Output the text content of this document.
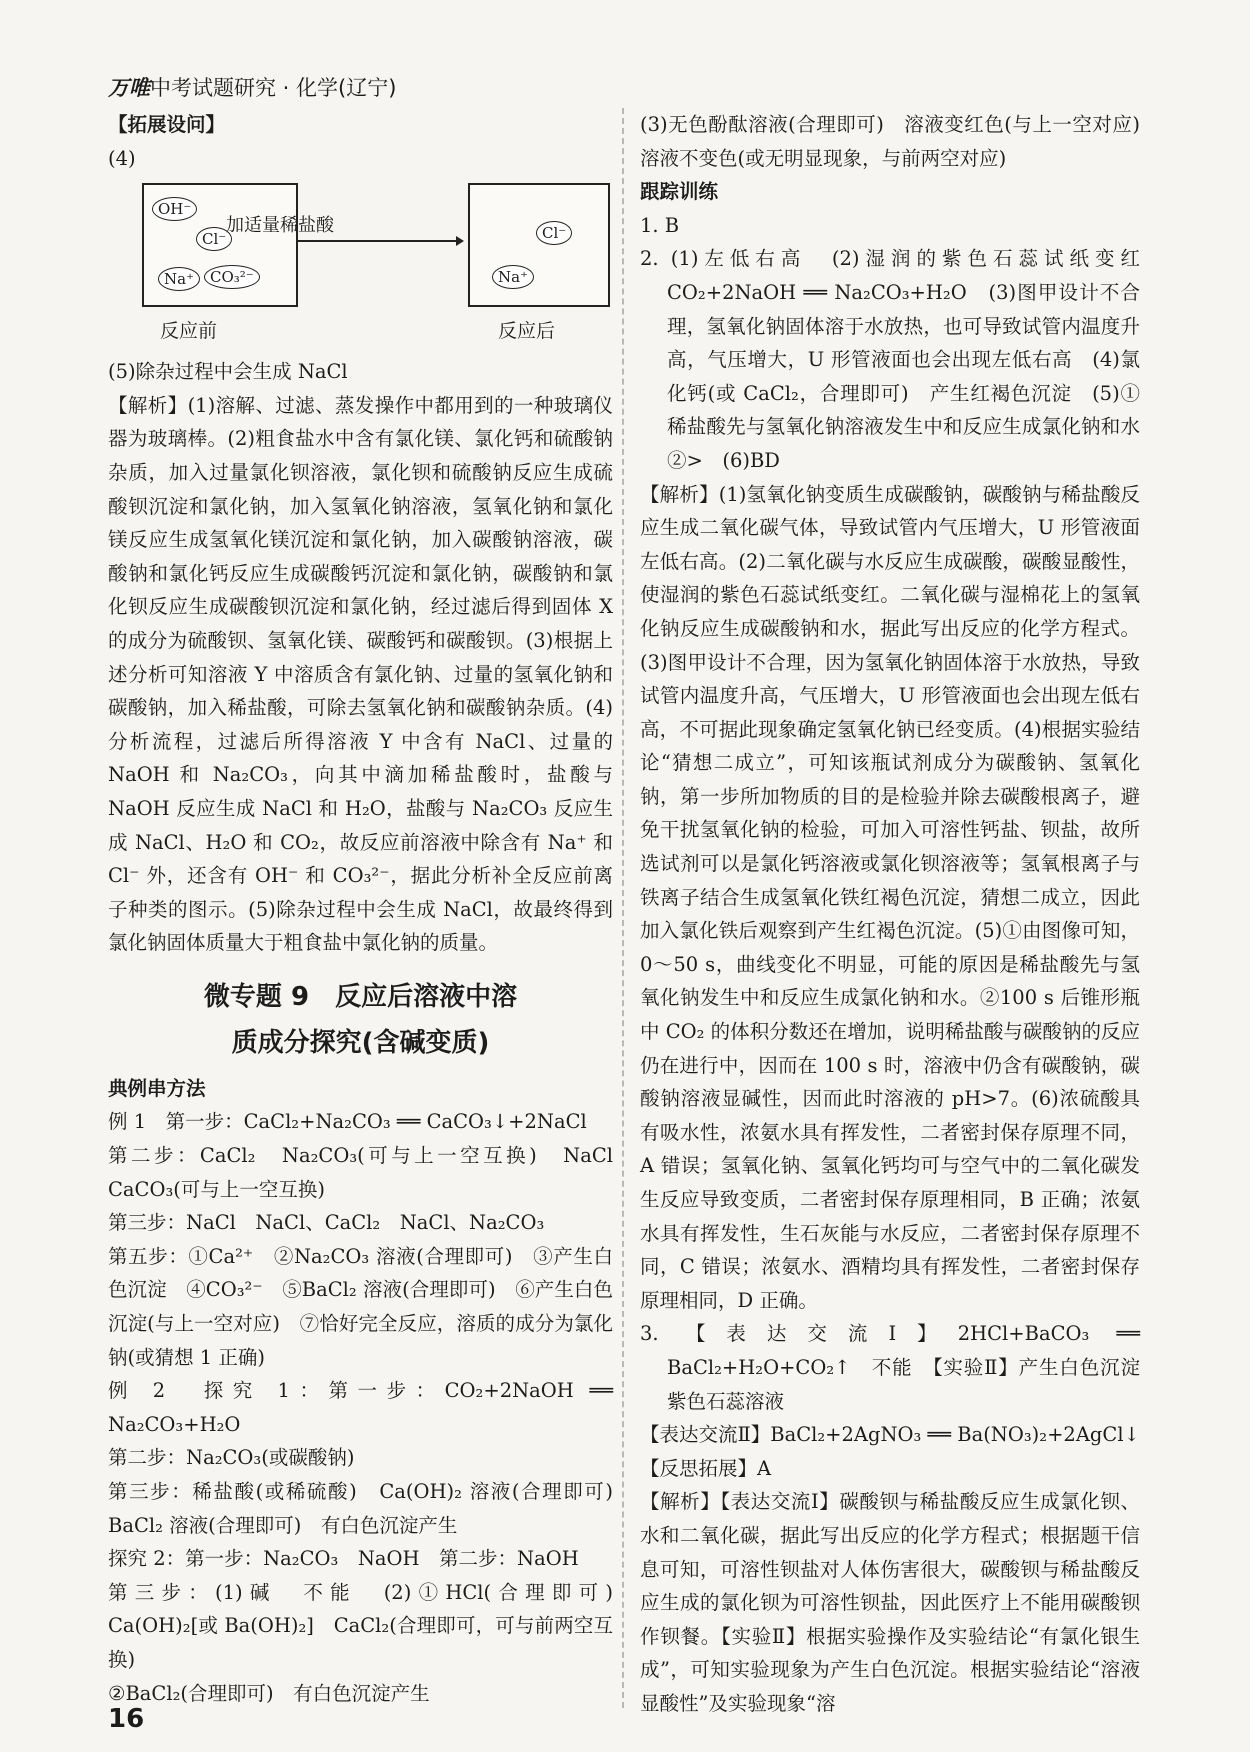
万唯中考试题研究 · 化学(辽宁)

【拓展设问】

(4)

OH⁻
Cl⁻
Na⁺	CO₃²⁻
加适量稀盐酸	Cl⁻
Na⁺
反应前	反应后

(5)除杂过程中会生成 NaCl

【解析】(1)溶解、过滤、蒸发操作中都用到的一种玻璃仪器为玻璃棒。(2)粗食盐水中含有氯化镁、氯化钙和硫酸钠杂质，加入过量氯化钡溶液，氯化钡和硫酸钠反应生成硫酸钡沉淀和氯化钠，加入氢氧化钠溶液，氢氧化钠和氯化镁反应生成氢氧化镁沉淀和氯化钠，加入碳酸钠溶液，碳酸钠和氯化钙反应生成碳酸钙沉淀和氯化钠，碳酸钠和氯化钡反应生成碳酸钡沉淀和氯化钠，经过滤后得到固体 X 的成分为硫酸钡、氢氧化镁、碳酸钙和碳酸钡。(3)根据上述分析可知溶液 Y 中溶质含有氯化钠、过量的氢氧化钠和碳酸钠，加入稀盐酸，可除去氢氧化钠和碳酸钠杂质。(4)分析流程，过滤后所得溶液 Y 中含有 NaCl、过量的 NaOH 和 Na₂CO₃，向其中滴加稀盐酸时，盐酸与 NaOH 反应生成 NaCl 和 H₂O，盐酸与 Na₂CO₃ 反应生成 NaCl、H₂O 和 CO₂，故反应前溶液中除含有 Na⁺ 和 Cl⁻ 外，还含有 OH⁻ 和 CO₃²⁻，据此分析补全反应前离子种类的图示。(5)除杂过程中会生成 NaCl，故最终得到氯化钠固体质量大于粗食盐中氯化钠的质量。

微专题 9　反应后溶液中溶
质成分探究(含碱变质)

典例串方法

例 1　第一步：CaCl₂+Na₂CO₃ ══ CaCO₃↓+2NaCl

第二步：CaCl₂　Na₂CO₃(可与上一空互换)　NaCl　CaCO₃(可与上一空互换)

第三步：NaCl　NaCl、CaCl₂　NaCl、Na₂CO₃

第五步：①Ca²⁺　②Na₂CO₃ 溶液(合理即可)　③产生白色沉淀　④CO₃²⁻　⑤BaCl₂ 溶液(合理即可)　⑥产生白色沉淀(与上一空对应)　⑦恰好完全反应，溶质的成分为氯化钠(或猜想 1 正确)

例 2　探究 1：第一步：CO₂+2NaOH ══ Na₂CO₃+H₂O

第二步：Na₂CO₃(或碳酸钠)

第三步：稀盐酸(或稀硫酸)　Ca(OH)₂ 溶液(合理即可)　BaCl₂ 溶液(合理即可)　有白色沉淀产生

探究 2：第一步：Na₂CO₃　NaOH　第二步：NaOH

第三步：(1)碱　不能　(2)①HCl(合理即可)　Ca(OH)₂[或 Ba(OH)₂]　CaCl₂(合理即可，可与前两空互换)

②BaCl₂(合理即可)　有白色沉淀产生

(3)无色酚酞溶液(合理即可)　溶液变红色(与上一空对应)　溶液不变色(或无明显现象，与前两空对应)

跟踪训练

1. B

2. (1)左低右高　(2)湿润的紫色石蕊试纸变红　CO₂+2NaOH ══ Na₂CO₃+H₂O　(3)图甲设计不合理，氢氧化钠固体溶于水放热，也可导致试管内温度升高，气压增大，U 形管液面也会出现左低右高　(4)氯化钙(或 CaCl₂，合理即可)　产生红褐色沉淀　(5)①稀盐酸先与氢氧化钠溶液发生中和反应生成氯化钠和水　②>　(6)BD

【解析】(1)氢氧化钠变质生成碳酸钠，碳酸钠与稀盐酸反应生成二氧化碳气体，导致试管内气压增大，U 形管液面左低右高。(2)二氧化碳与水反应生成碳酸，碳酸显酸性，使湿润的紫色石蕊试纸变红。二氧化碳与湿棉花上的氢氧化钠反应生成碳酸钠和水，据此写出反应的化学方程式。(3)图甲设计不合理，因为氢氧化钠固体溶于水放热，导致试管内温度升高，气压增大，U 形管液面也会出现左低右高，不可据此现象确定氢氧化钠已经变质。(4)根据实验结论“猜想二成立”，可知该瓶试剂成分为碳酸钠、氢氧化钠，第一步所加物质的目的是检验并除去碳酸根离子，避免干扰氢氧化钠的检验，可加入可溶性钙盐、钡盐，故所选试剂可以是氯化钙溶液或氯化钡溶液等；氢氧根离子与铁离子结合生成氢氧化铁红褐色沉淀，猜想二成立，因此加入氯化铁后观察到产生红褐色沉淀。(5)①由图像可知，0～50 s，曲线变化不明显，可能的原因是稀盐酸先与氢氧化钠发生中和反应生成氯化钠和水。②100 s 后锥形瓶中 CO₂ 的体积分数还在增加，说明稀盐酸与碳酸钠的反应仍在进行中，因而在 100 s 时，溶液中仍含有碳酸钠，碳酸钠溶液显碱性，因而此时溶液的 pH>7。(6)浓硫酸具有吸水性，浓氨水具有挥发性，二者密封保存原理不同，A 错误；氢氧化钠、氢氧化钙均可与空气中的二氧化碳发生反应导致变质，二者密封保存原理相同，B 正确；浓氨水具有挥发性，生石灰能与水反应，二者密封保存原理不同，C 错误；浓氨水、酒精均具有挥发性，二者密封保存原理相同，D 正确。

3. 【表达交流Ⅰ】2HCl+BaCO₃ ══ BaCl₂+H₂O+CO₂↑　不能　【实验Ⅱ】产生白色沉淀　紫色石蕊溶液

【表达交流Ⅱ】BaCl₂+2AgNO₃ ══ Ba(NO₃)₂+2AgCl↓

【反思拓展】A

【解析】【表达交流Ⅰ】碳酸钡与稀盐酸反应生成氯化钡、水和二氧化碳，据此写出反应的化学方程式；根据题干信息可知，可溶性钡盐对人体伤害很大，碳酸钡与稀盐酸反应生成的氯化钡为可溶性钡盐，因此医疗上不能用碳酸钡作钡餐。【实验Ⅱ】根据实验操作及实验结论“有氯化银生成”，可知实验现象为产生白色沉淀。根据实验结论“溶液显酸性”及实验现象“溶

16
